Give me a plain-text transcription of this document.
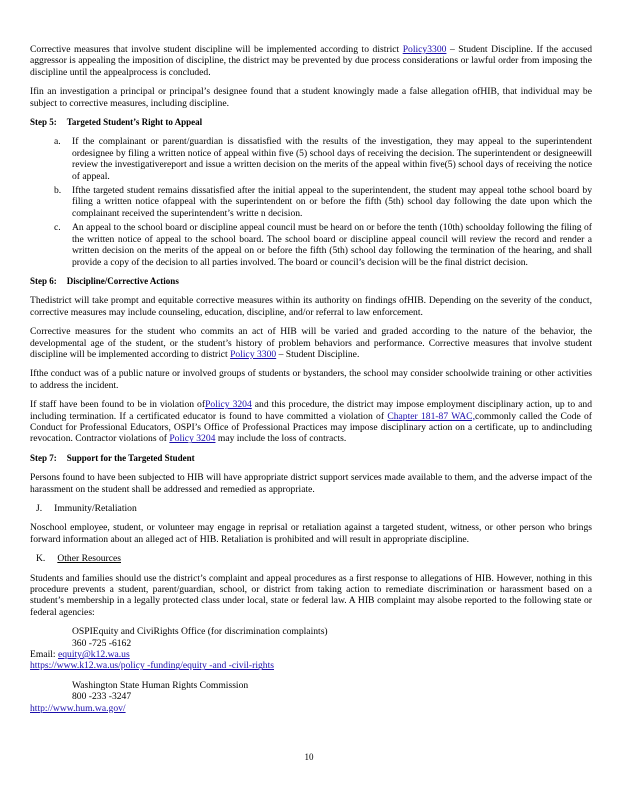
Corrective measures that involve student discipline will be implemented according to district Policy3300 – Student Discipline. If the accused aggressor is appealing the imposition of discipline, the district may be prevented by due process considerations or lawful order from imposing the discipline until the appealprocess is concluded.

Ifin an investigation a principal or principal’s designee found that a student knowingly made a false allegation ofHIB, that individual may be subject to corrective measures, including discipline.

Step 5: Targeted Student’s Right to Appeal
a. If the complainant or parent/guardian is dissatisfied with the results of the investigation, they may appeal to the superintendent ordesignee by filing a written notice of appeal within five (5) school days of receiving the decision. The superintendent or designeewill review the investigativereport and issue a written decision on the merits of the appeal within five(5) school days of receiving the notice of appeal.
b. Ifthe targeted student remains dissatisfied after the initial appeal to the superintendent, the student may appeal tothe school board by filing a written notice ofappeal with the superintendent on or before the fifth (5th) school day following the date upon which the complainant received the superintendent’s writte n decision.
c. An appeal to the school board or discipline appeal council must be heard on or before the tenth (10th) schoolday following the filing of the written notice of appeal to the school board. The school board or discipline appeal council will review the record and render a written decision on the merits of the appeal on or before the fifth (5th) school day following the termination of the hearing, and shall provide a copy of the decision to all parties involved. The board or council’s decision will be the final district decision.
Step 6: Discipline/Corrective Actions

Thedistrict will take prompt and equitable corrective measures within its authority on findings ofHIB. Depending on the severity of the conduct, corrective measures may include counseling, education, discipline, and/or referral to law enforcement.

Corrective measures for the student who commits an act of HIB will be varied and graded according to the nature of the behavior, the developmental age of the student, or the student’s history of problem behaviors and performance. Corrective measures that involve student discipline will be implemented according to district Policy 3300 – Student Discipline.

Ifthe conduct was of a public nature or involved groups of students or bystanders, the school may consider schoolwide training or other activities to address the incident.

If staff have been found to be in violation ofPolicy 3204 and this procedure, the district may impose employment disciplinary action, up to and including termination. If a certificated educator is found to have committed a violation of Chapter 181-87 WAC,commonly called the Code of Conduct for Professional Educators, OSPI’s Office of Professional Practices may impose disciplinary action on a certificate, up to andincluding revocation. Contractor violations of Policy 3204 may include the loss of contracts.

Step 7: Support for the Targeted Student

Persons found to have been subjected to HIB will have appropriate district support services made available to them, and the adverse impact of the harassment on the student shall be addressed and remedied as appropriate.

J. Immunity/Retaliation

Noschool employee, student, or volunteer may engage in reprisal or retaliation against a targeted student, witness, or other person who brings forward information about an alleged act of HIB. Retaliation is prohibited and will result in appropriate discipline.

K. Other Resources

Students and families should use the district’s complaint and appeal procedures as a first response to allegations of HIB. However, nothing in this procedure prevents a student, parent/guardian, school, or district from taking action to remediate discrimination or harassment based on a student’s membership in a legally protected class under local, state or federal law. A HIB complaint may alsobe reported to the following state or federal agencies:

OSPIEquity and CiviRights Office (for discrimination complaints)
360 -725 -6162
Email: equity@k12.wa.us
https://www.k12.wa.us/policy -funding/equity -and -civil-rights
Washington State Human Rights Commission
800 -233 -3247
http://www.hum.wa.gov/
10
